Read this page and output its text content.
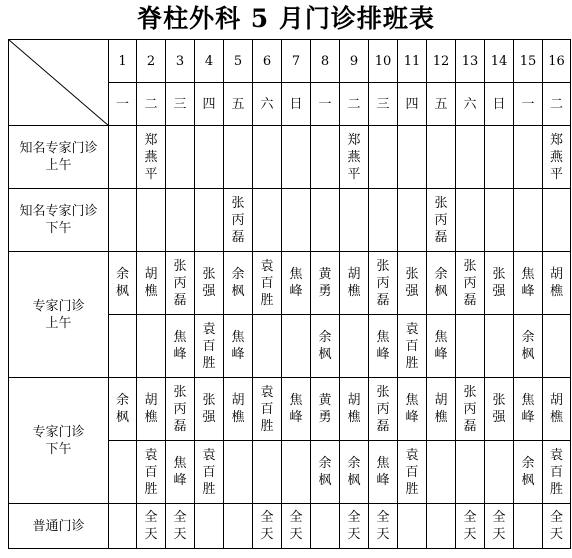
脊柱外科 5 月门诊排班表
	1	2	3	4	5	6	7	8	9	10	11	12	13	14	15	16
	一	二	三	四	五	六	日	一	二	三	四	五	六	日	一	二
知名专家门诊
上午		郑燕平							郑燕平							郑燕平
知名专家门诊
下午					张丙磊							张丙磊				
专家门诊
上午	余枫	胡樵	张丙磊	张强	余枫	袁百胜	焦峰	黄勇	胡樵	张丙磊	张强	余枫	张丙磊	张强	焦峰	胡樵
			焦峰	袁百胜	焦峰			余枫		焦峰	袁百胜	焦峰			余枫	
专家门诊
下午	余枫	胡樵	张丙磊	张强	胡樵	袁百胜	焦峰	黄勇	胡樵	张丙磊	焦峰	胡樵	张丙磊	张强	焦峰	胡樵
		袁百胜	焦峰	袁百胜				余枫	余枫	焦峰	袁百胜				余枫	袁百胜
普通门诊		全天	全天			全天	全天		全天	全天			全天	全天		全天
